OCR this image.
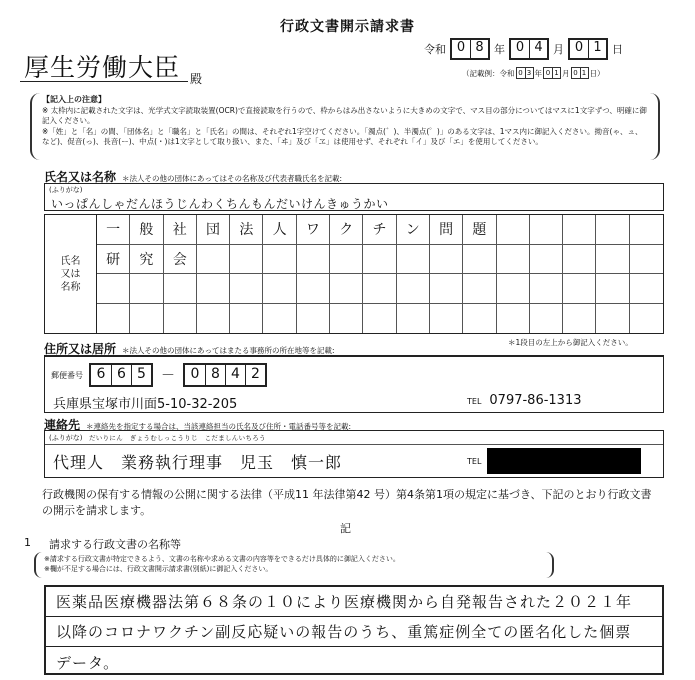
行政文書開示請求書
令和 0 8 年 0 4 月 0 1 日
（記載例：令和 0 3 年 0 1 月 0 1 日）
厚生労働大臣 殿
【記入上の注意】
※ 太枠内に記載された文字は、光学式文字読取装置(OCR)で直接読取を行うので、枠からはみ出さないように大きめの文字で、マス目の部分についてはマスに1文字ずつ、明確に御記入ください。
※「姓」と「名」の間、「団体名」と「職名」と「氏名」の間は、それぞれ1字空けてください。「濁点(゛)、半濁点(゜)」のある文字は、1マス内に御記入ください。拗音(ゃ、ュ、など)、促音(っ)、長音(ー)、中点(・)は1文字として取り扱い、また、「ヰ」及び「ヱ」は使用せず、それぞれ「イ」及び「エ」を使用してください。
氏名又は名称 ＊法人その他の団体にあってはその名称及び代表者職氏名を記載:
(ふりがな)
いっぱんしゃだんほうじんわくちんもんだいけんきゅうかい
氏名
又は
名称
一	般	社	団	法	人	ワ	ク	チ	ン	問	題
研	究	会
＊1段目の左上から御記入ください。
住所又は居所 ＊法人その他の団体にあってはまたる事務所の所在地等を記載:
郵便番号 6 6 5	－	0 8 4 2
兵庫県宝塚市川面5-10-32-205	TEL 0797-86-1313
連絡先 ＊連絡先を指定する場合は、当該連絡担当の氏名及び住所・電話番号等を記載:
(ふりがな) だいりにん　ぎょうむしっこうりじ　こだましんいちろう
代理人　業務執行理事　児玉　慎一郎	TEL
行政機関の保有する情報の公開に関する法律（平成11 年法律第42 号）第4条第1項の規定に基づき、下記のとおり行政文書の開示を請求します。
記
1 請求する行政文書の名称等
※請求する行政文書が特定できるよう、文書の名称や求める文書の内容等をできるだけ具体的に御記入ください。
※欄が不足する場合には、行政文書開示請求書(別紙)に御記入ください。
医薬品医療機器法第６８条の１０により医療機関から自発報告された２０２１年
以降のコロナワクチン副反応疑いの報告のうち、重篤症例全ての匿名化した個票
データ。
